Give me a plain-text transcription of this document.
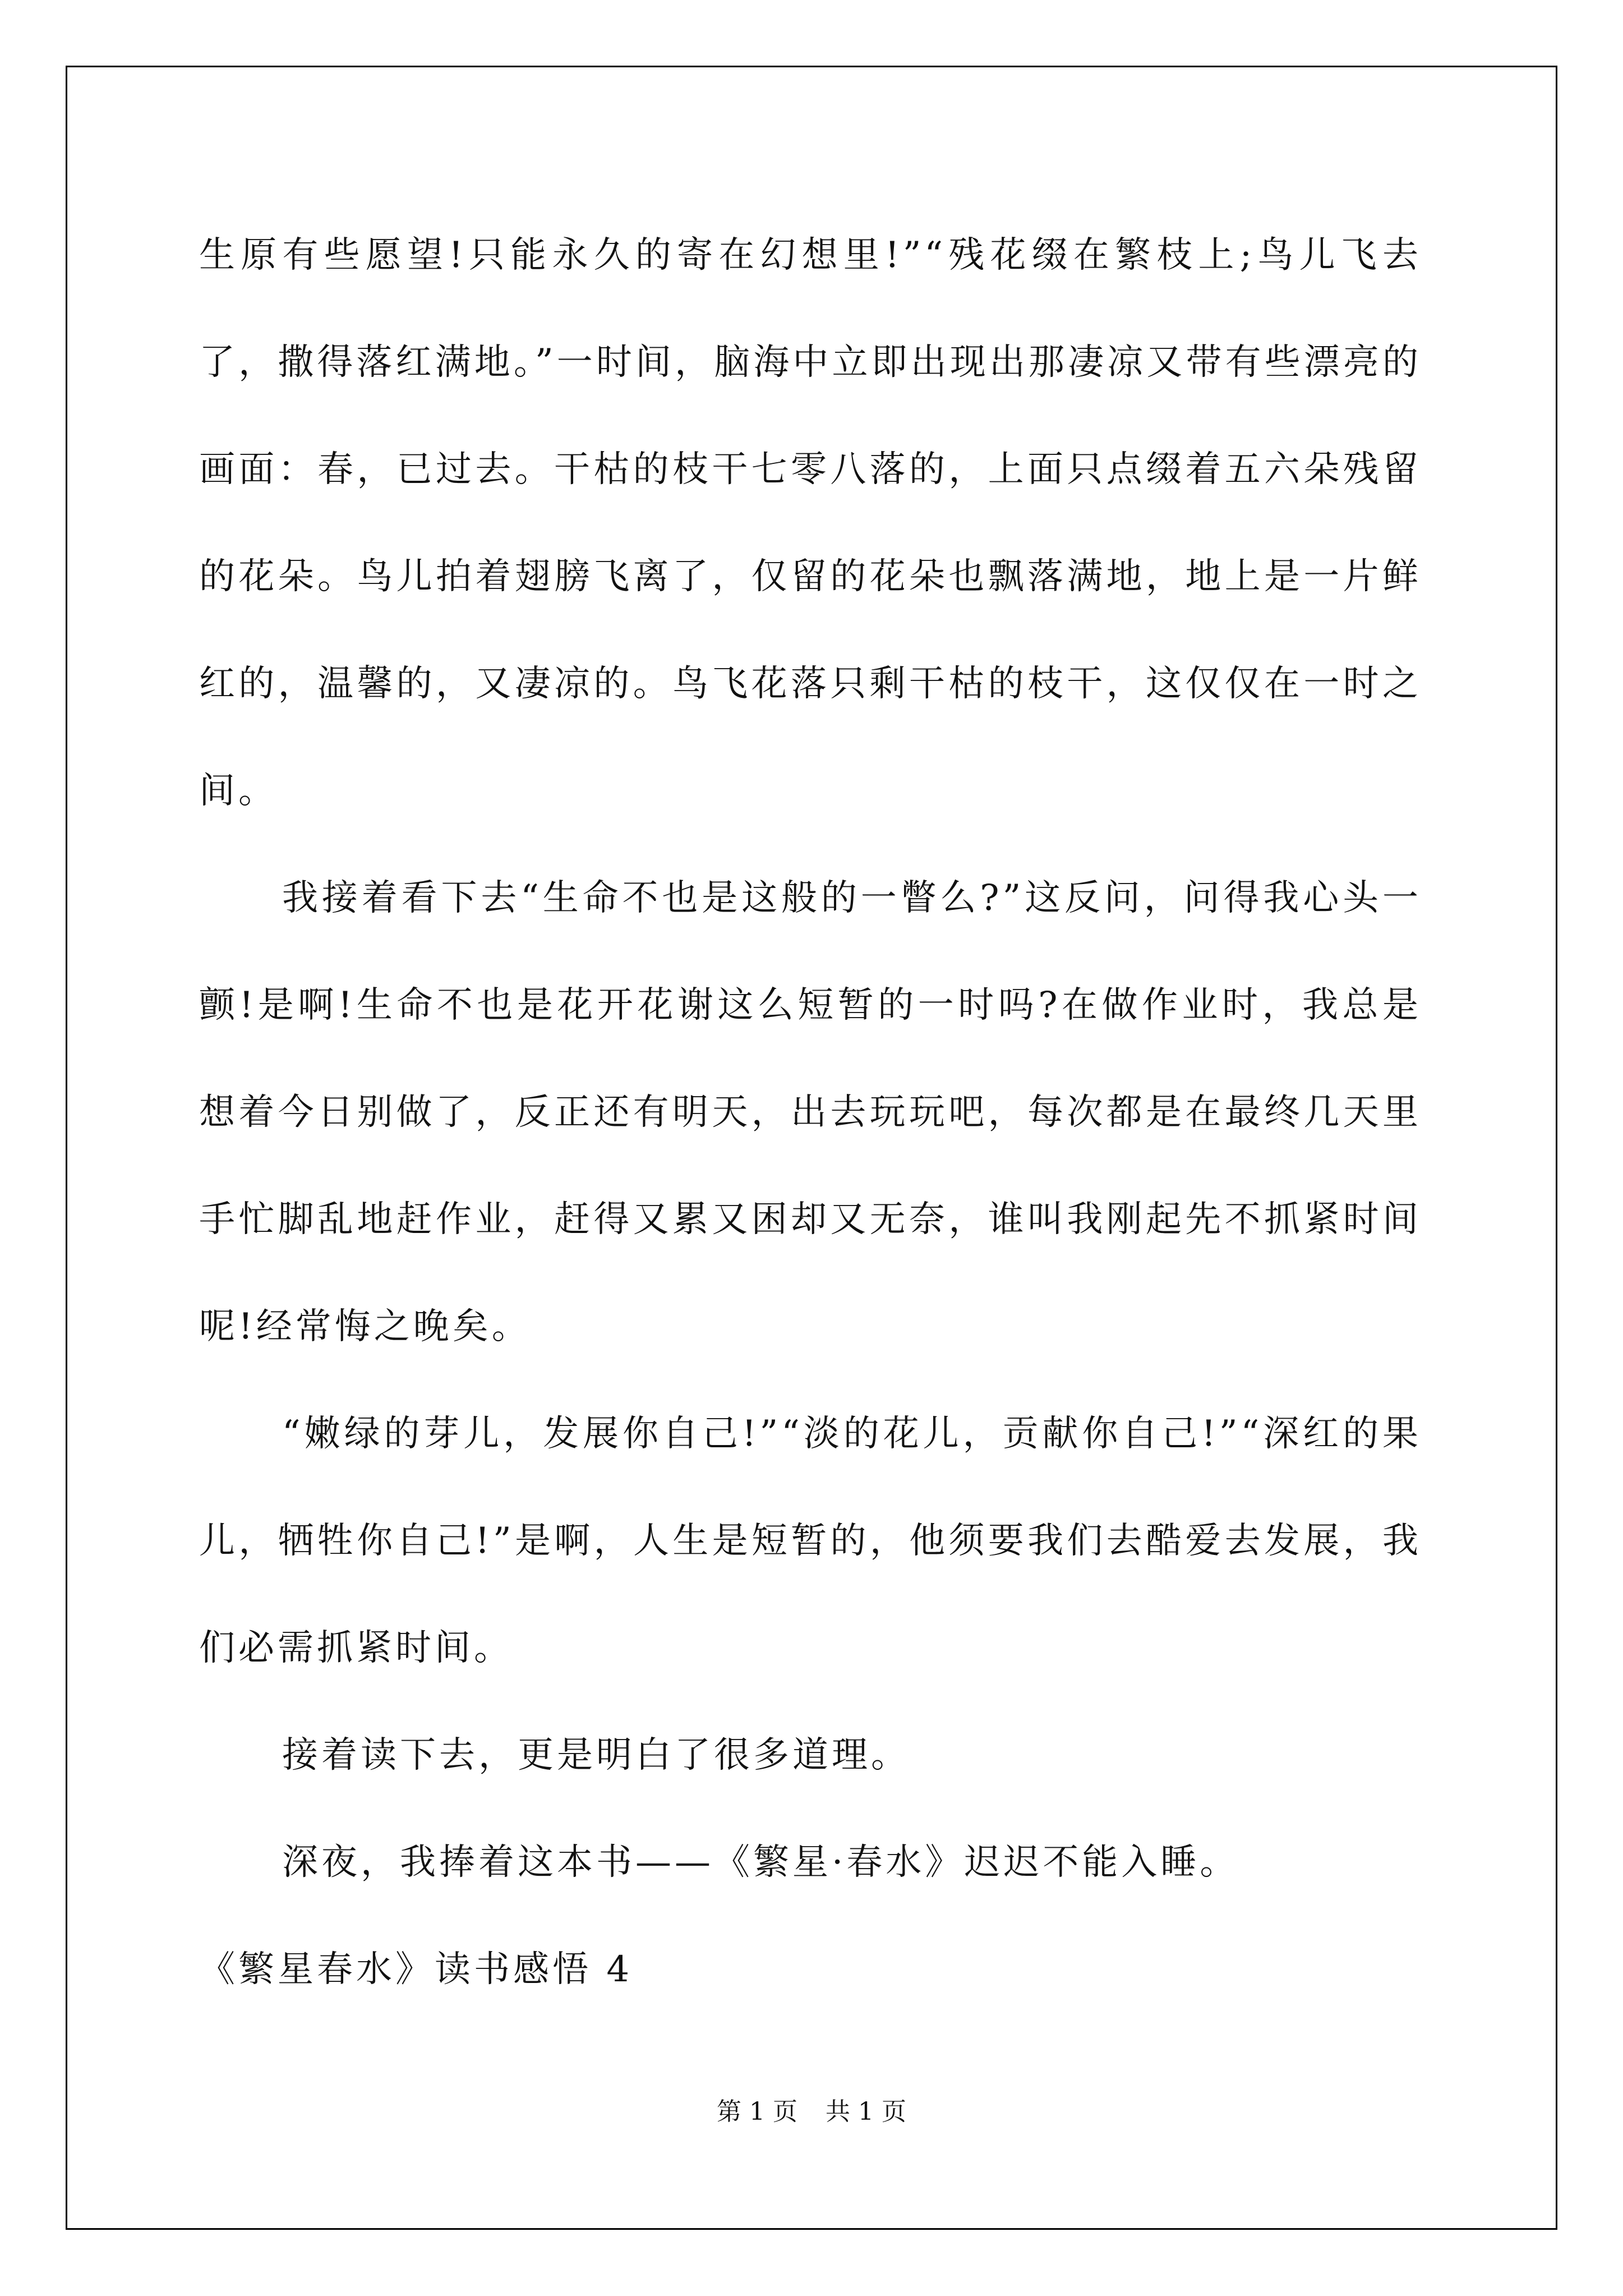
生原有些愿望!只能永久的寄在幻想里!”“残花缀在繁枝上;鸟儿飞去了，撒得落红满地。”一时间，脑海中立即出现出那凄凉又带有些漂亮的画面：春，已过去。干枯的枝干七零八落的，上面只点缀着五六朵残留的花朵。鸟儿拍着翅膀飞离了，仅留的花朵也飘落满地，地上是一片鲜红的，温馨的，又凄凉的。鸟飞花落只剩干枯的枝干，这仅仅在一时之间。

我接着看下去“生命不也是这般的一瞥么?”这反问，问得我心头一颤!是啊!生命不也是花开花谢这么短暂的一时吗?在做作业时，我总是想着今日别做了，反正还有明天，出去玩玩吧，每次都是在最终几天里手忙脚乱地赶作业，赶得又累又困却又无奈，谁叫我刚起先不抓紧时间呢!经常悔之晚矣。

“嫩绿的芽儿，发展你自己!”“淡的花儿，贡献你自己!”“深红的果儿，牺牲你自己!”是啊，人生是短暂的，他须要我们去酷爱去发展，我们必需抓紧时间。

接着读下去，更是明白了很多道理。

深夜，我捧着这本书——《繁星·春水》迟迟不能入睡。

《繁星春水》读书感悟 4

第 1 页 共 1 页
